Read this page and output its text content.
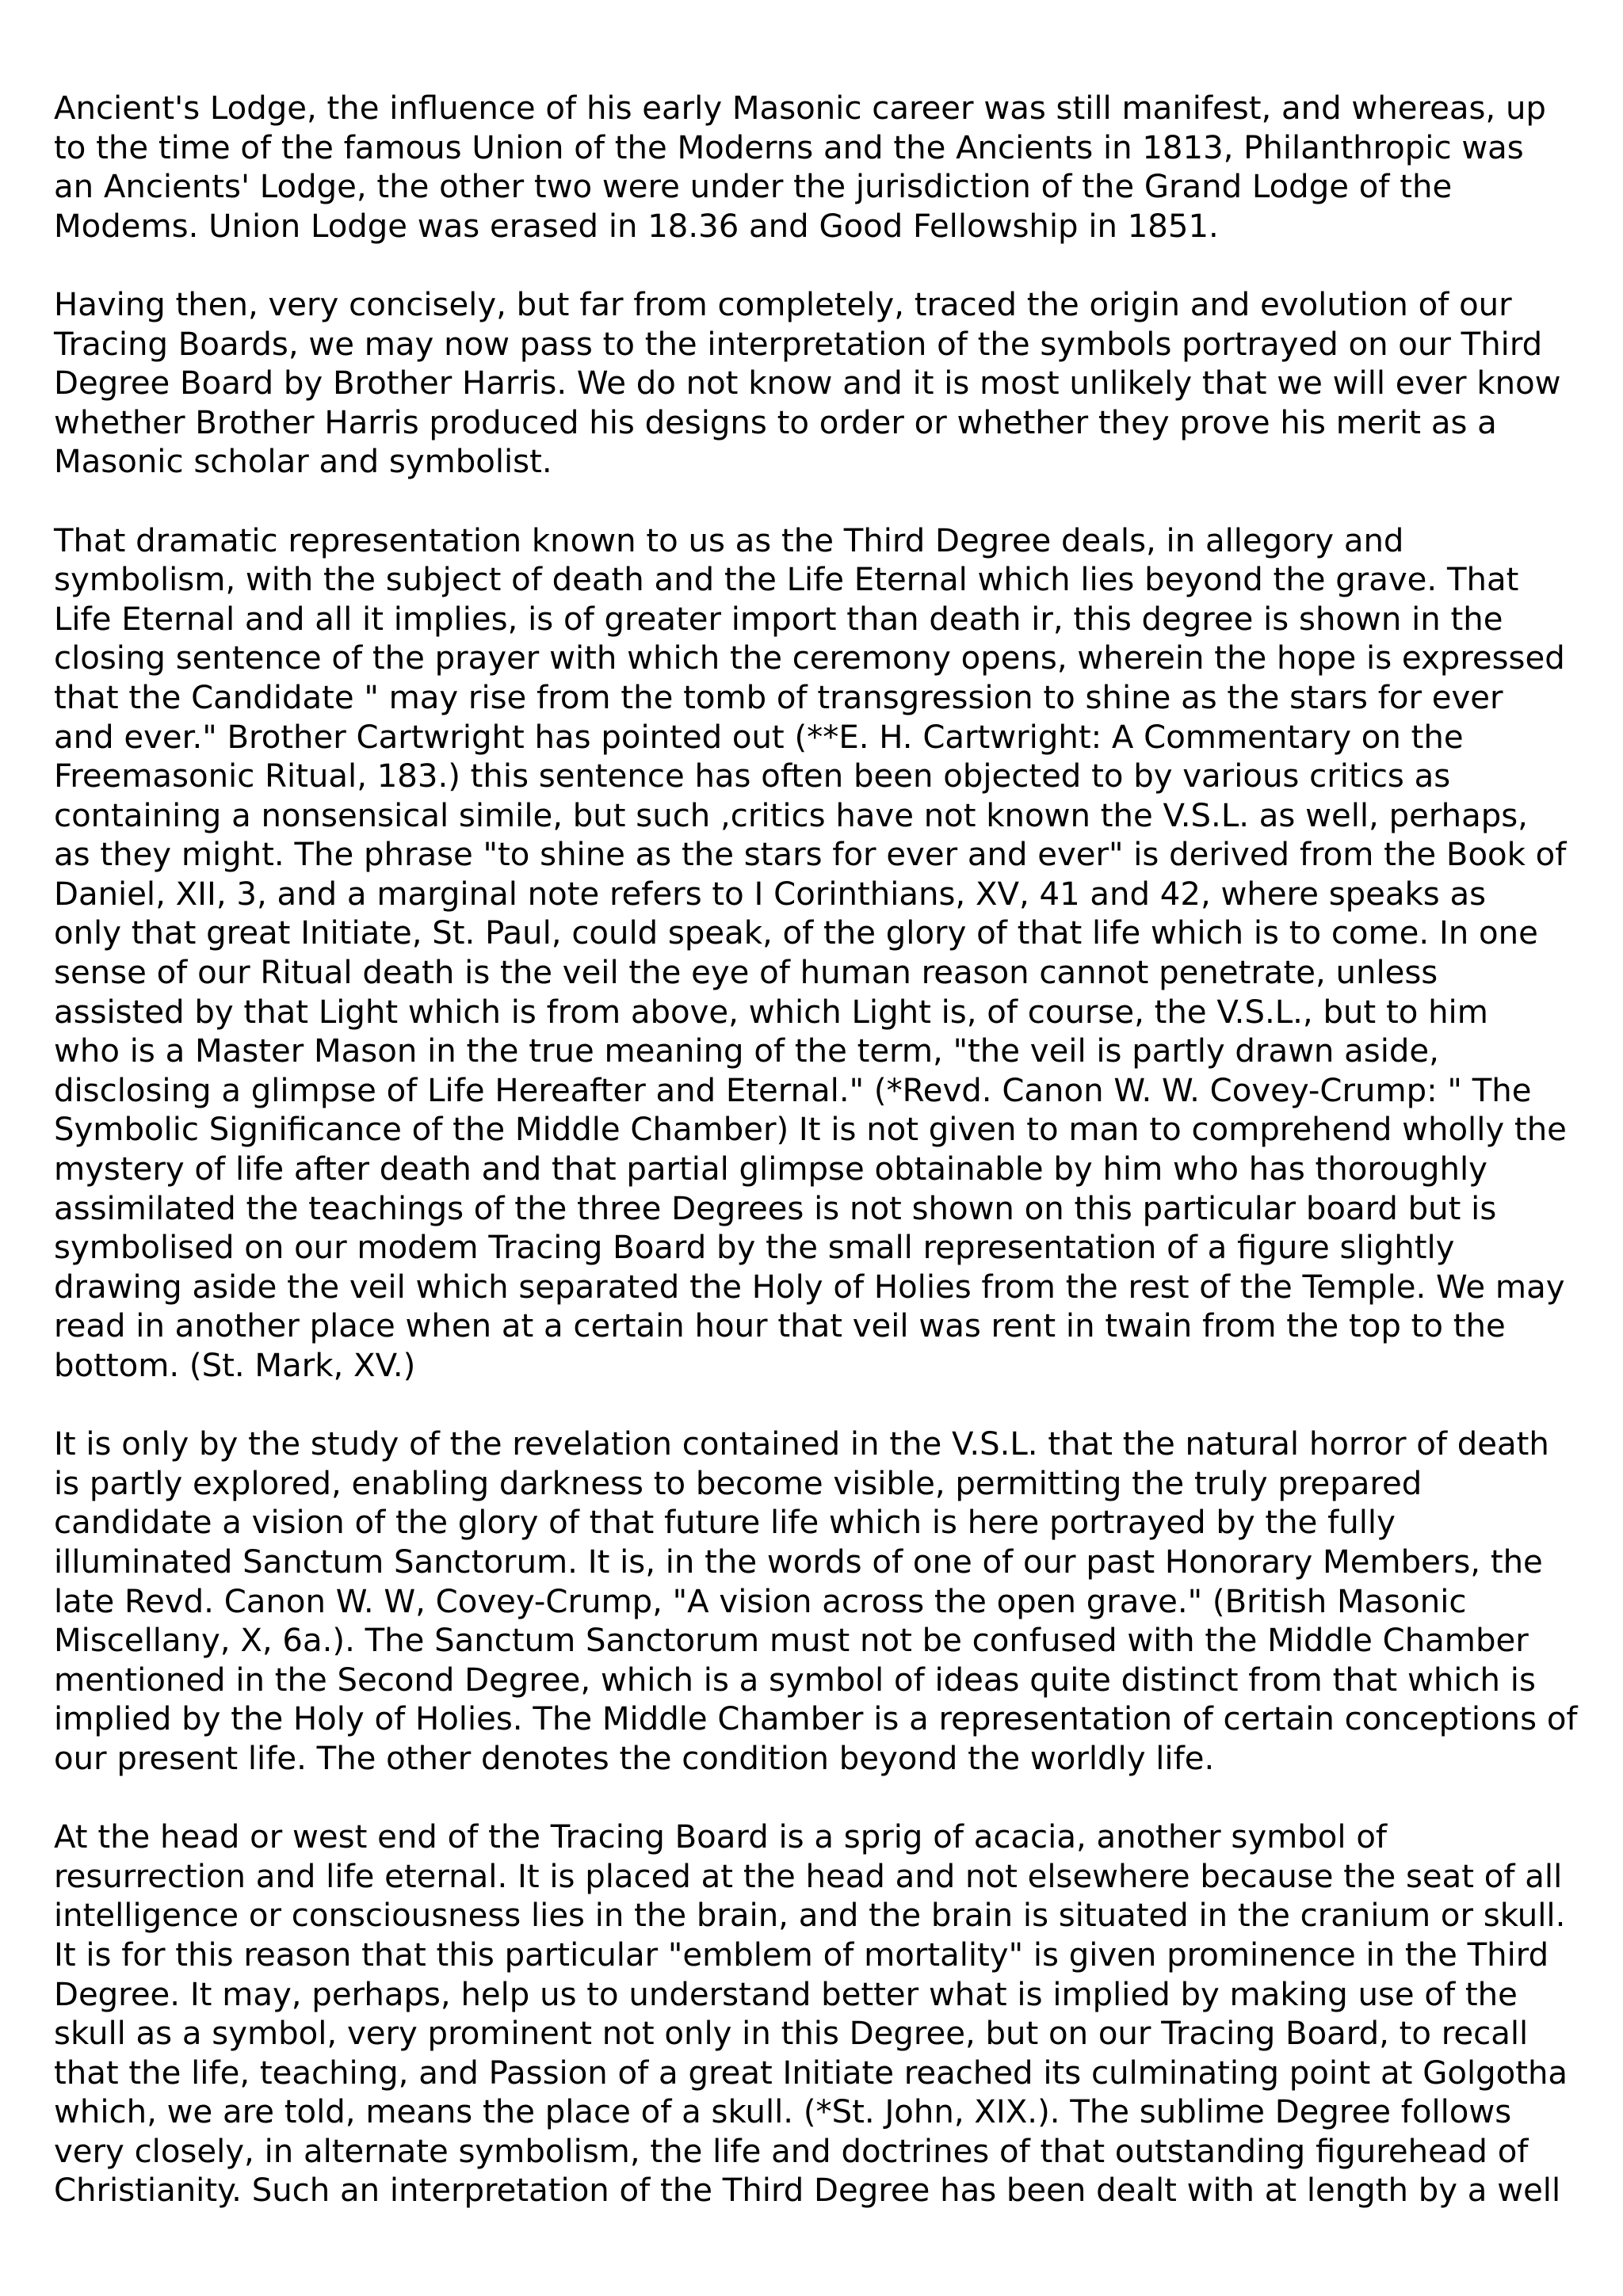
Ancient's Lodge, the influence of his early Masonic career was still manifest, and whereas, up
to the time of the famous Union of the Moderns and the Ancients in 1813, Philanthropic was
an Ancients' Lodge, the other two were under the jurisdiction of the Grand Lodge of the
Modems. Union Lodge was erased in 18.36 and Good Fellowship in 1851.

Having then, very concisely, but far from completely, traced the origin and evolution of our
Tracing Boards, we may now pass to the interpretation of the symbols portrayed on our Third
Degree Board by Brother Harris. We do not know and it is most unlikely that we will ever know
whether Brother Harris produced his designs to order or whether they prove his merit as a
Masonic scholar and symbolist.

That dramatic representation known to us as the Third Degree deals, in allegory and
symbolism, with the subject of death and the Life Eternal which lies beyond the grave. That
Life Eternal and all it implies, is of greater import than death ir, this degree is shown in the
closing sentence of the prayer with which the ceremony opens, wherein the hope is expressed
that the Candidate " may rise from the tomb of transgression to shine as the stars for ever
and ever." Brother Cartwright has pointed out (**E. H. Cartwright: A Commentary on the
Freemasonic Ritual, 183.) this sentence has often been objected to by various critics as
containing a nonsensical simile, but such ,critics have not known the V.S.L. as well, perhaps,
as they might. The phrase "to shine as the stars for ever and ever" is derived from the Book of
Daniel, XII, 3, and a marginal note refers to I Corinthians, XV, 41 and 42, where speaks as
only that great Initiate, St. Paul, could speak, of the glory of that life which is to come. In one
sense of our Ritual death is the veil the eye of human reason cannot penetrate, unless
assisted by that Light which is from above, which Light is, of course, the V.S.L., but to him
who is a Master Mason in the true meaning of the term, "the veil is partly drawn aside,
disclosing a glimpse of Life Hereafter and Eternal." (*Revd. Canon W. W. Covey-Crump: " The
Symbolic Significance of the Middle Chamber) It is not given to man to comprehend wholly the
mystery of life after death and that partial glimpse obtainable by him who has thoroughly
assimilated the teachings of the three Degrees is not shown on this particular board but is
symbolised on our modem Tracing Board by the small representation of a figure slightly
drawing aside the veil which separated the Holy of Holies from the rest of the Temple. We may
read in another place when at a certain hour that veil was rent in twain from the top to the
bottom. (St. Mark, XV.)

It is only by the study of the revelation contained in the V.S.L. that the natural horror of death
is partly explored, enabling darkness to become visible, permitting the truly prepared
candidate a vision of the glory of that future life which is here portrayed by the fully
illuminated Sanctum Sanctorum. It is, in the words of one of our past Honorary Members, the
late Revd. Canon W. W, Covey-Crump, "A vision across the open grave." (British Masonic
Miscellany, X, 6a.). The Sanctum Sanctorum must not be confused with the Middle Chamber
mentioned in the Second Degree, which is a symbol of ideas quite distinct from that which is
implied by the Holy of Holies. The Middle Chamber is a representation of certain conceptions of
our present life. The other denotes the condition beyond the worldly life.

At the head or west end of the Tracing Board is a sprig of acacia, another symbol of
resurrection and life eternal. It is placed at the head and not elsewhere because the seat of all
intelligence or consciousness lies in the brain, and the brain is situated in the cranium or skull.
It is for this reason that this particular "emblem of mortality" is given prominence in the Third
Degree. It may, perhaps, help us to understand better what is implied by making use of the
skull as a symbol, very prominent not only in this Degree, but on our Tracing Board, to recall
that the life, teaching, and Passion of a great Initiate reached its culminating point at Golgotha
which, we are told, means the place of a skull. (*St. John, XIX.). The sublime Degree follows
very closely, in alternate symbolism, the life and doctrines of that outstanding figurehead of
Christianity. Such an interpretation of the Third Degree has been dealt with at length by a well
